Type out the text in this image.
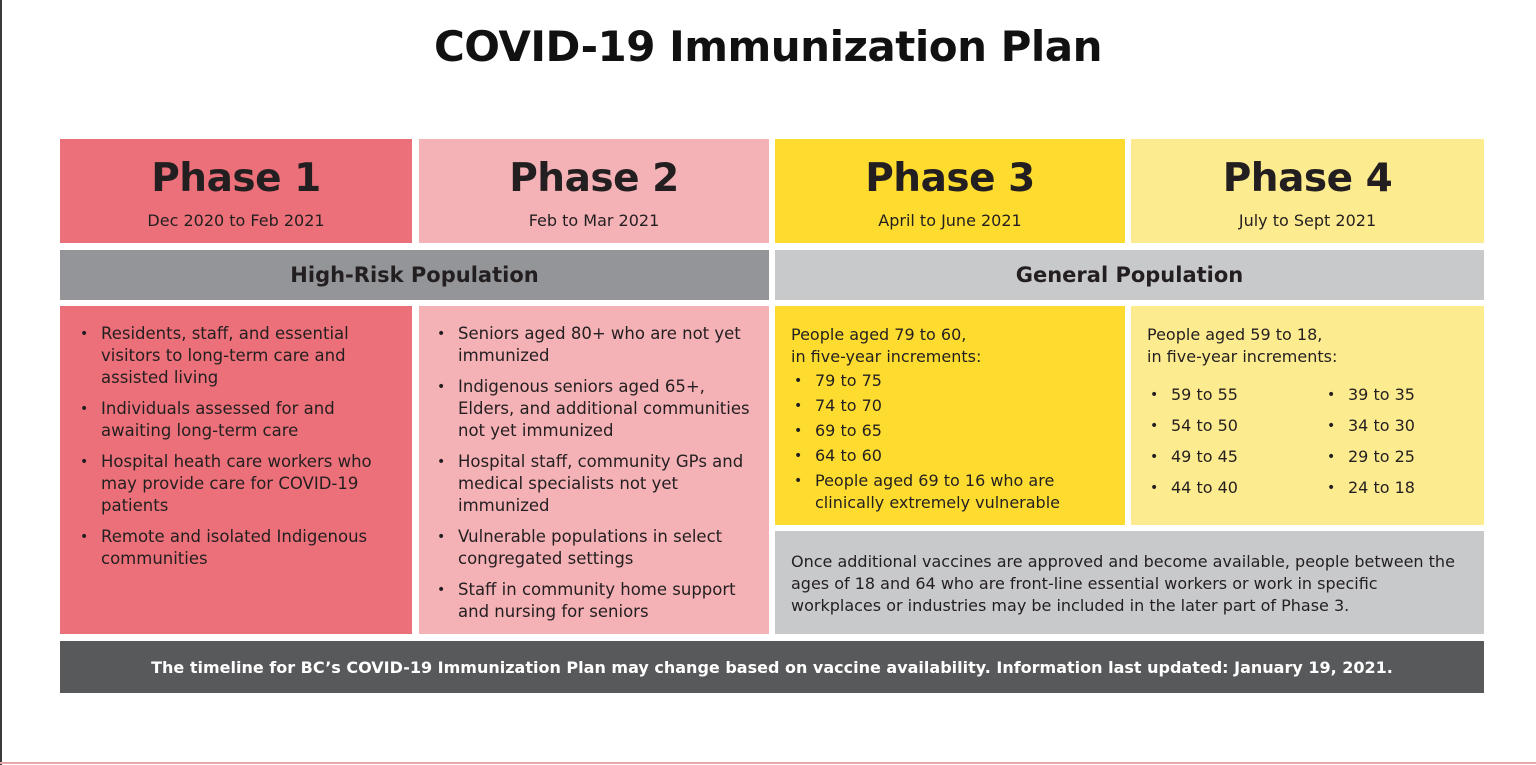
COVID-19 Immunization Plan
Phase 1
Dec 2020 to Feb 2021
Phase 2
Feb to Mar 2021
Phase 3
April to June 2021
Phase 4
July to Sept 2021
High-Risk Population	General Population
• Residents, staff, and essential visitors to long-term care and assisted living
• Individuals assessed for and awaiting long-term care
• Hospital heath care workers who may provide care for COVID-19 patients
• Remote and isolated Indigenous communities
• Seniors aged 80+ who are not yet immunized
• Indigenous seniors aged 65+, Elders, and additional communities not yet immunized
• Hospital staff, community GPs and medical specialists not yet immunized
• Vulnerable populations in select congregated settings
• Staff in community home support and nursing for seniors
People aged 79 to 60,
in five-year increments:
• 79 to 75
• 74 to 70
• 69 to 65
• 64 to 60
• People aged 69 to 16 who are clinically extremely vulnerable
People aged 59 to 18,
in five-year increments:
• 59 to 55	• 39 to 35
• 54 to 50	• 34 to 30
• 49 to 45	• 29 to 25
• 44 to 40	• 24 to 18
Once additional vaccines are approved and become available, people between the ages of 18 and 64 who are front-line essential workers or work in specific workplaces or industries may be included in the later part of Phase 3.
The timeline for BC’s COVID-19 Immunization Plan may change based on vaccine availability. Information last updated: January 19, 2021.
